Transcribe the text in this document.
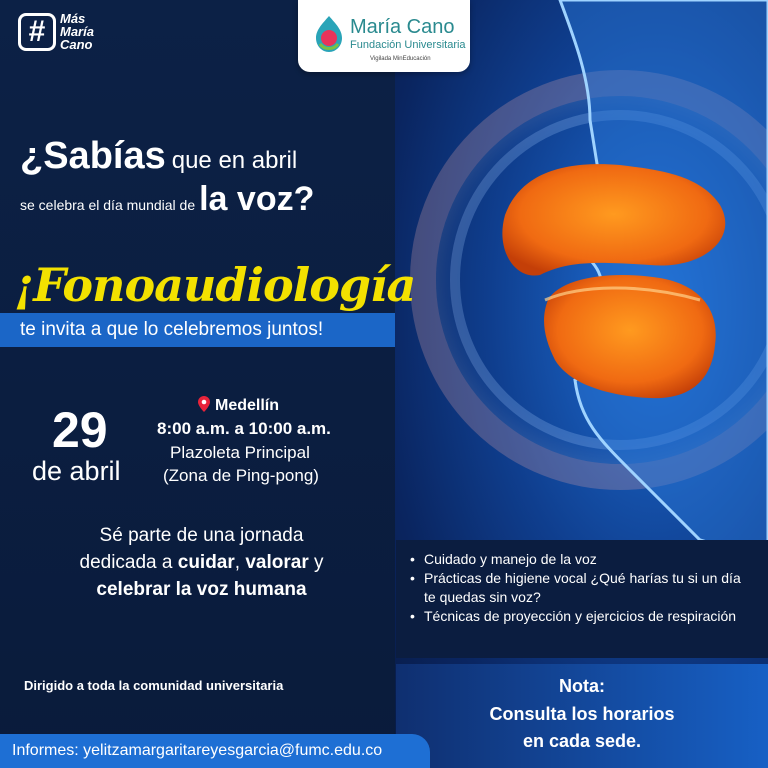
#	Más
María
Cano
María Cano
Fundación Universitaria
Vigilada MinEducación
¿Sabías que en abril
se celebra el día mundial de la voz?
¡Fonoaudiología
te invita a que lo celebremos juntos!
29
de abril
Medellín
8:00 a.m. a 10:00 a.m.
Plazoleta Principal
(Zona de Ping-pong)
Sé parte de una jornada
dedicada a cuidar, valorar y
celebrar la voz humana
Dirigido a toda la comunidad universitaria
• Cuidado y manejo de la voz
• Prácticas de higiene vocal ¿Qué harías tu si un día te quedas sin voz?
• Técnicas de proyección y ejercicios de respiración
Nota:
Consulta los horarios
en cada sede.
Informes: yelitzamargaritareyesgarcia@fumc.edu.co
